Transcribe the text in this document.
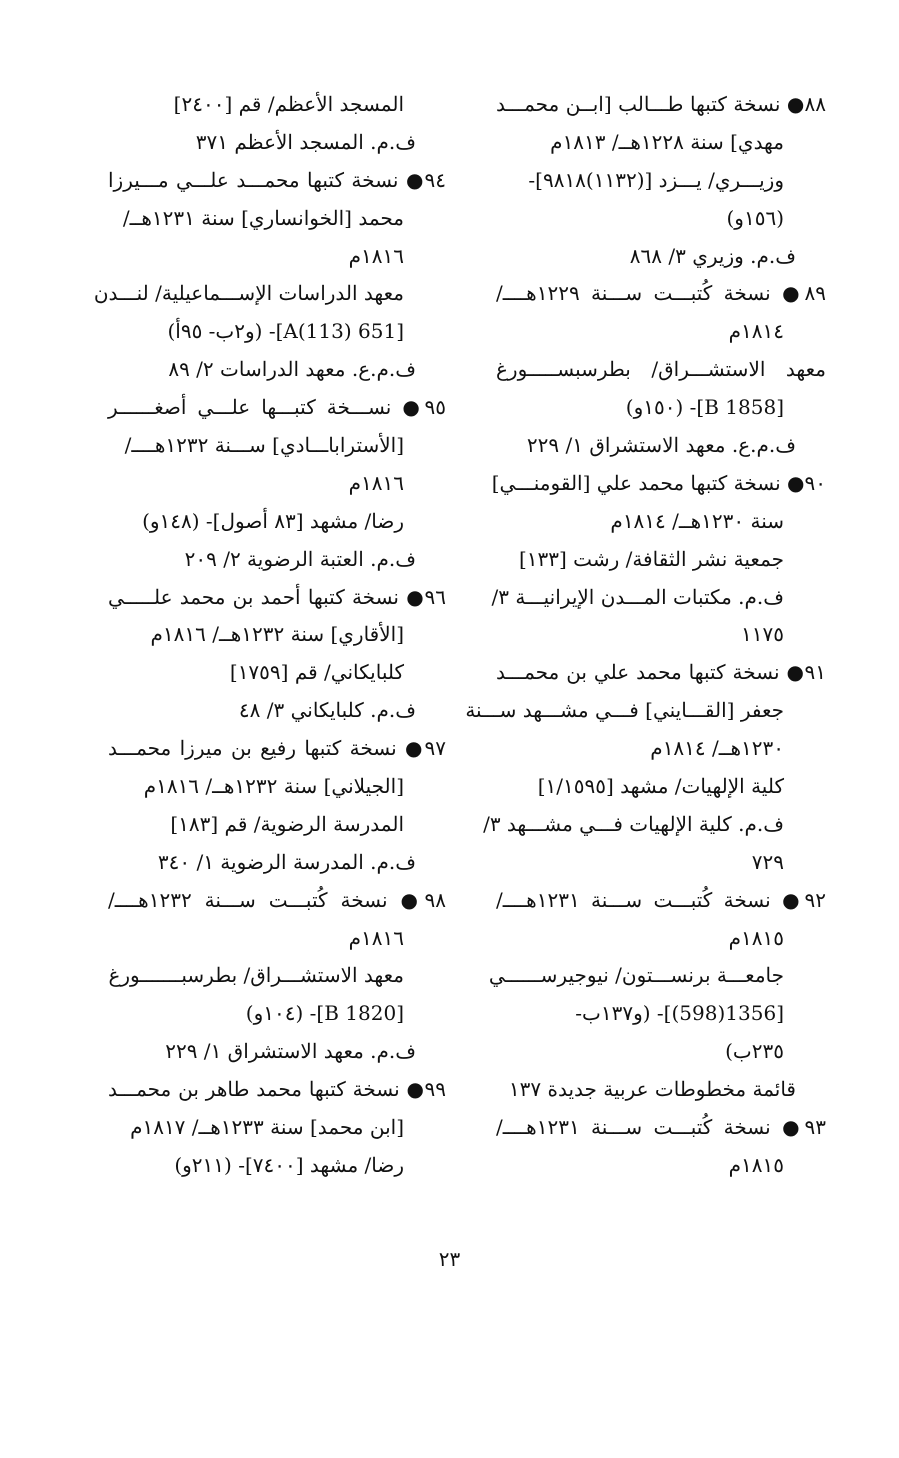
٨٨● نسخة كتبها طـــالب [ابــن محمـــد
مهدي] سنة ١٢٢٨هــ/ ١٨١٣م
وزيـــري/ يـــزد [(١١٣٢)٩٨١٨]-
(١٥٦و)
ف.م. وزيري ٣/ ٨٦٨
٨٩● نسخة كُتبـــت ســـنة ١٢٢٩هــــ/
١٨١٤م
معهد الاستشـــراق/ بطرسبســـــورغ
[B 1858]- (١٥٠و)
ف.م.ع. معهد الاستشراق ١/ ٢٢٩
٩٠● نسخة كتبها محمد علي [القومنـــي]
سنة ١٢٣٠هــ/ ١٨١٤م
جمعية نشر الثقافة/ رشت [١٣٣]
ف.م. مكتبات المـــدن الإيرانيـــة ٣/
١١٧٥
٩١● نسخة كتبها محمد علي بن محمـــد
جعفر [القـــايني] فـــي مشـــهد ســـنة
١٢٣٠هــ/ ١٨١٤م
كلية الإلهيات/ مشهد [١/١٥٩٥]
ف.م. كلية الإلهيات فـــي مشـــهد ٣/
٧٢٩
٩٢● نسخة كُتبـــت ســـنة ١٢٣١هــــ/
١٨١٥م
جامعـــة برنســـتون/ نيوجيرســــــي
[1356(598)]- (و١٣٧ب-
٢٣٥ب)
قائمة مخطوطات عربية جديدة ١٣٧
٩٣● نسخة كُتبـــت ســـنة ١٢٣١هــــ/
١٨١٥م
المسجد الأعظم/ قم [٢٤٠٠]
ف.م. المسجد الأعظم ٣٧١
٩٤● نسخة كتبها محمـــد علـــي مـــيرزا
محمد [الخوانساري] سنة ١٢٣١هــ/
١٨١٦م
معهد الدراسات الإســـماعيلية/ لنـــدن
[651 A(113)]- (و٢ب- ٩٥أ)
ف.م.ع. معهد الدراسات ٢/ ٨٩
٩٥● نســـخة كتبـــها علـــي أصغــــــر
[الأستراباـــادي] ســـنة ١٢٣٢هــــ/
١٨١٦م
رضا/ مشهد [٨٣ أصول]- (١٤٨و)
ف.م. العتبة الرضوية ٢/ ٢٠٩
٩٦● نسخة كتبها أحمد بن محمد علـــــي
[الأقاري] سنة ١٢٣٢هــ/ ١٨١٦م
كلبايكاني/ قم [١٧٥٩]
ف.م. كلبايكاني ٣/ ٤٨
٩٧● نسخة كتبها رفيع بن ميرزا محمـــد
[الجيلاني] سنة ١٢٣٢هــ/ ١٨١٦م
المدرسة الرضوية/ قم [١٨٣]
ف.م. المدرسة الرضوية ١/ ٣٤٠
٩٨● نسخة كُتبـــت ســـنة ١٢٣٢هــــ/
١٨١٦م
معهد الاستشـــراق/ بطرسبـــــــورغ
[B 1820]- (١٠٤و)
ف.م. معهد الاستشراق ١/ ٢٢٩
٩٩● نسخة كتبها محمد طاهر بن محمـــد
[ابن محمد] سنة ١٢٣٣هــ/ ١٨١٧م
رضا/ مشهد [٧٤٠٠]- (٢١١و)
٢٣
